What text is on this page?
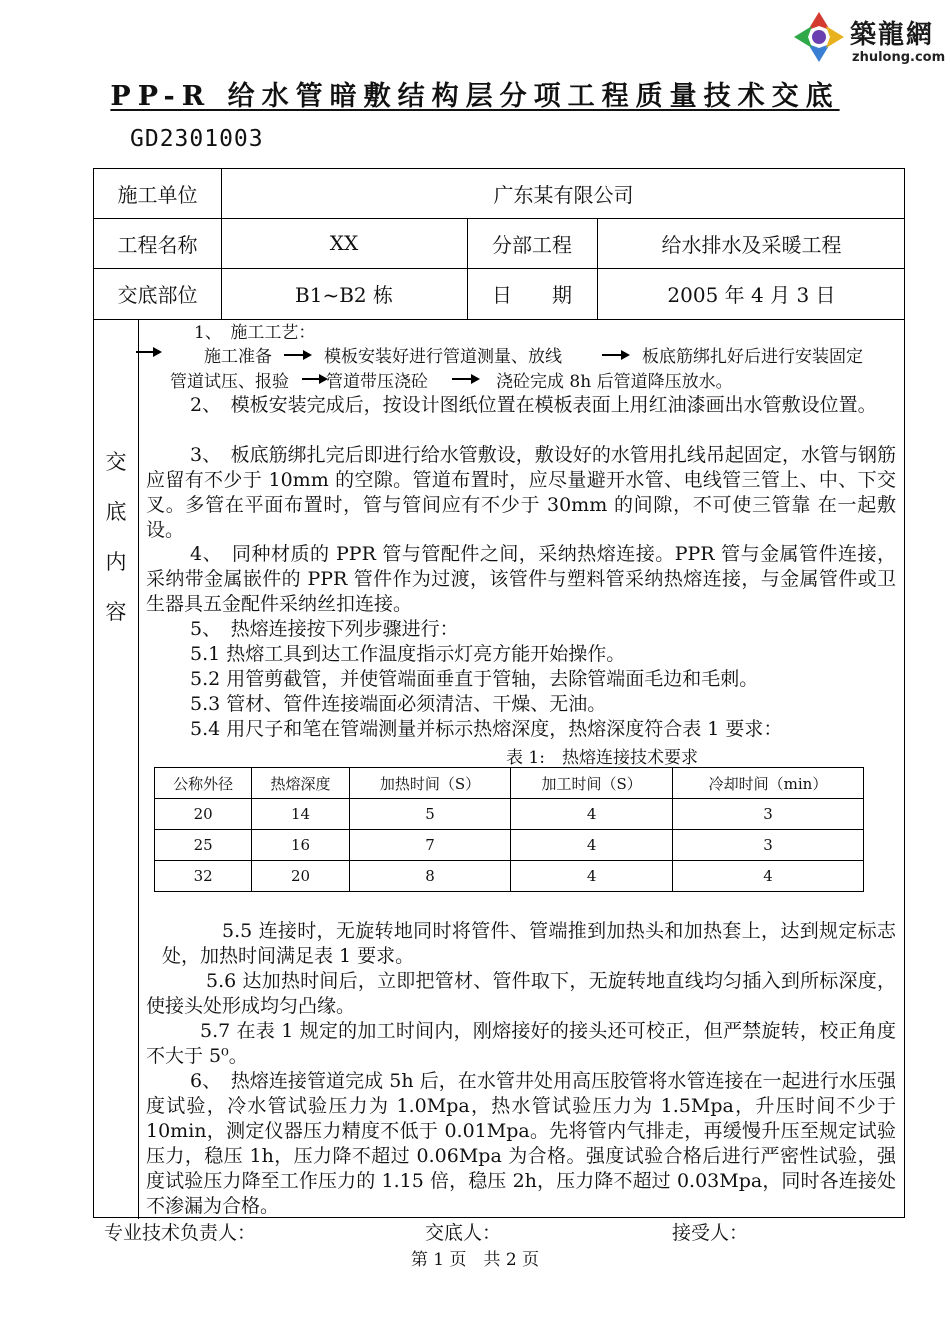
築龍網
zhulong.com
PP-R 给水管暗敷结构层分项工程质量技术交底
GD2301003
施工单位	广东某有限公司
工程名称	XX	分部工程	给水排水及采暖工程
交底部位	B1~B2 栋	日　　期	2005 年 4 月 3 日
交
底
内
容
1、　施工工艺：
施工准备	模板安装好进行管道测量、放线	板底筋绑扎好后进行安装固定
管道试压、报验 管道带压浇砼	浇砼完成 8h 后管道降压放水。
2、　模板安装完成后，按设计图纸位置在模板表面上用红油漆画出水管敷设位置。
3、　板底筋绑扎完后即进行给水管敷设，敷设好的水管用扎线吊起固定，水管与钢筋应留有不少于 10mm 的空隙。管道布置时，应尽量避开水管、电线管三管上、中、下交叉。多管在平面布置时，管与管间应有不少于 30mm 的间隙，不可使三管靠 在一起敷设。
4、　同种材质的 PPR 管与管配件之间，采纳热熔连接。PPR 管与金属管件连接，采纳带金属嵌件的 PPR 管件作为过渡，该管件与塑料管采纳热熔连接，与金属管件或卫生器具五金配件采纳丝扣连接。
5、　热熔连接按下列步骤进行：
5.1 热熔工具到达工作温度指示灯亮方能开始操作。
5.2 用管剪截管，并使管端面垂直于管轴，去除管端面毛边和毛刺。
5.3 管材、管件连接端面必须清洁、干燥、无油。
5.4 用尺子和笔在管端测量并标示热熔深度，热熔深度符合表 1 要求：
表 1:　热熔连接技术要求
公称外径	热熔深度	加热时间（S）	加工时间（S）	冷却时间（min）
20	14	5	4	3
25	16	7	4	3
32	20	8	4	4
5.5 连接时，无旋转地同时将管件、管端推到加热头和加热套上，达到规定标志处，加热时间满足表 1 要求。
5.6 达加热时间后，立即把管材、管件取下，无旋转地直线均匀插入到所标深度，使接头处形成均匀凸缘。
5.7 在表 1 规定的加工时间内，刚熔接好的接头还可校正，但严禁旋转，校正角度不大于 5⁰。
6、　热熔连接管道完成 5h 后，在水管井处用高压胶管将水管连接在一起进行水压强度试验，冷水管试验压力为 1.0Mpa，热水管试验压力为 1.5Mpa，升压时间不少于 10min，测定仪器压力精度不低于 0.01Mpa。先将管内气排走，再缓慢升压至规定试验压力，稳压 1h，压力降不超过 0.06Mpa 为合格。强度试验合格后进行严密性试验，强度试验压力降至工作压力的 1.15 倍，稳压 2h，压力降不超过 0.03Mpa，同时各连接处不渗漏为合格。
专业技术负责人：	交底人：	接受人：
第 1 页　共 2 页
